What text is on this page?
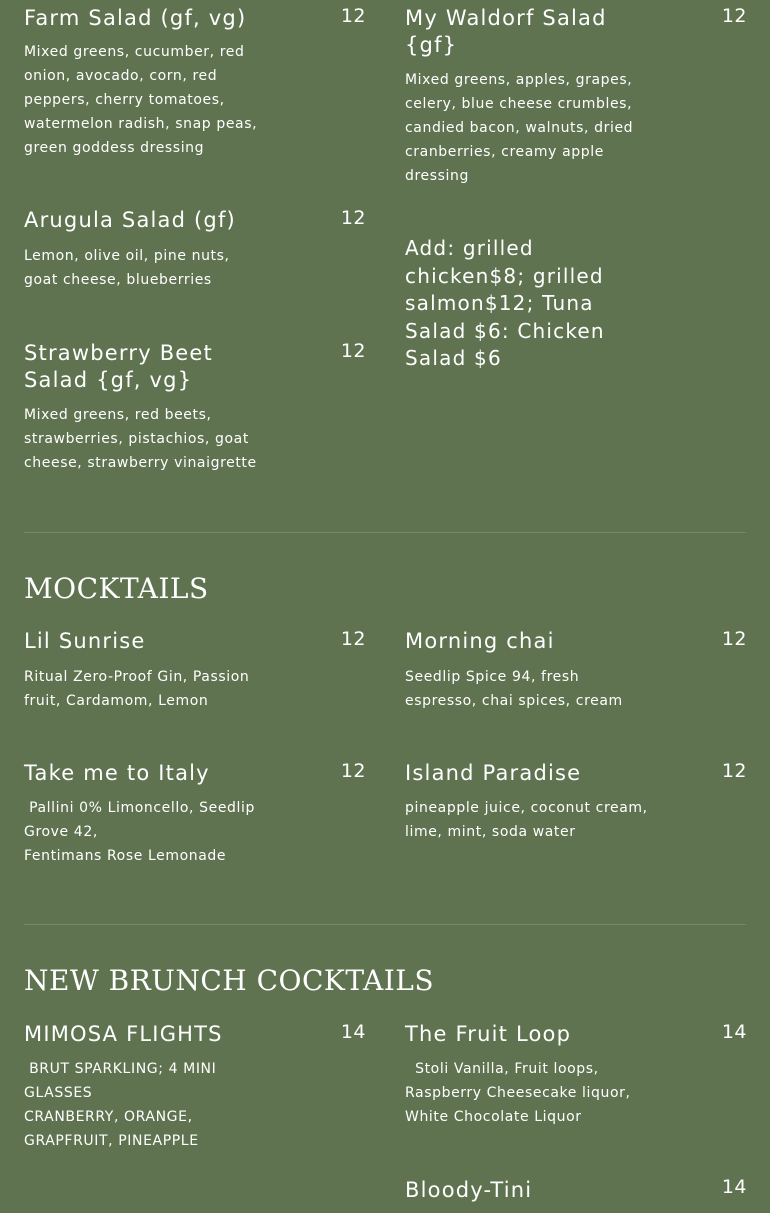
Farm Salad (gf, vg)	12
Mixed greens, cucumber, red onion, avocado, corn, red peppers, cherry tomatoes, watermelon radish, snap peas, green goddess dressing
My Waldorf Salad {gf}
12
Mixed greens, apples, grapes, celery, blue cheese crumbles, candied bacon, walnuts, dried cranberries, creamy apple dressing
Arugula Salad (gf)	12
Lemon, olive oil, pine nuts, goat cheese, blueberries
Strawberry Beet Salad {gf, vg}
12
Mixed greens, red beets, strawberries, pistachios, goat cheese, strawberry vinaigrette
Add: grilled chicken$8; grilled salmon$12; Tuna Salad $6: Chicken Salad $6
MOCKTAILS
Lil Sunrise	12
Ritual Zero-Proof Gin, Passion fruit, Cardamom, Lemon
Morning chai	12
Seedlip Spice 94, fresh espresso, chai spices, cream
Take me to Italy	12
Pallini 0% Limoncello, Seedlip Grove 42,
Fentimans Rose Lemonade
Island Paradise	12
pineapple juice, coconut cream, lime, mint, soda water
NEW BRUNCH COCKTAILS
MIMOSA FLIGHTS	14
BRUT SPARKLING; 4 MINI GLASSES
CRANBERRY, ORANGE, GRAPFRUIT, PINEAPPLE
The Fruit Loop	14
Stoli Vanilla, Fruit loops, Raspberry Cheesecake liquor, White Chocolate Liquor
Bloody-Tini	14
